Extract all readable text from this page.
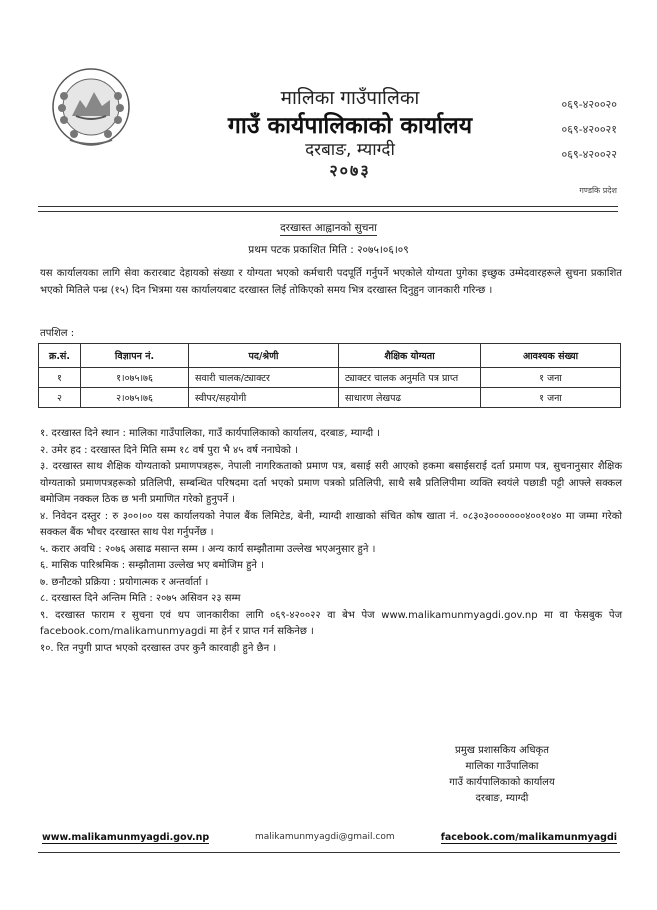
मालिका गाउँपालिका
गाउँ कार्यपालिकाको कार्यालय
दरबाङ, म्याग्दी
२०७३
०६९-४२००२०
०६९-४२००२१
०६९-४२००२२
गण्डकि प्रदेश
दरखास्त आह्वानको सुचना
प्रथम पटक प्रकाशित मिति : २०७५।०६।०९

यस कार्यालयका लागि सेवा करारबाट देहायको संख्या र योग्यता भएको कर्मचारी पदपूर्ति गर्नुपर्ने भएकोले योग्यता पुगेका इच्छुक उम्मेदवारहरूले सुचना प्रकाशित भएको मितिले पन्ध्र (१५) दिन भित्रमा यस कार्यालयबाट दरखास्त लिई तोकिएको समय भित्र दरखास्त दिनुहुन जानकारी गरिन्छ ।

तपशिल :
क्र.सं.	विज्ञापन नं.	पद/श्रेणी	शैक्षिक योग्यता	आवश्यक संख्या
१	१।०७५।७६	सवारी चालक/ट्याक्टर	ट्याक्टर चालक अनुमति पत्र प्राप्त	१ जना
२	२।०७५।७६	स्वीपर/सहयोगी	साधारण लेखपढ	१ जना
१. दरखास्त दिने स्थान : मालिका गाउँपालिका, गाउँ कार्यपालिकाको कार्यालय, दरबाङ, म्याग्दी ।
२. उमेर हद : दरखास्त दिने मिति सम्म १८ वर्ष पुरा भै ४५ वर्ष ननाघेको ।
३. दरखास्त साथ शैक्षिक योग्यताको प्रमाणपत्रहरू, नेपाली नागरिकताको प्रमाण पत्र, बसाई सरी आएको हकमा बसाईसराई दर्ता प्रमाण पत्र, सुचनानुसार शैक्षिक योग्यताको प्रमाणपत्रहरूको प्रतिलिपी, सम्बन्धित परिषदमा दर्ता भएको प्रमाण पत्रको प्रतिलिपी, साथै सबै प्रतिलिपीमा व्यक्ति स्वयंले पछाडी पट्टी आफ्ले सक्कल बमोजिम नक्कल ठिक छ भनी प्रमाणित गरेको हुनुपर्ने ।
४. निवेदन दस्तुर : रु ३००।०० यस कार्यालयको नेपाल बैंक लिमिटेड, बेनी, म्याग्दी शाखाको संचित कोष खाता नं. ०८३०३०००००००४००१०४० मा जम्मा गरेको सक्कल बैंक भौचर दरखास्त साथ पेश गर्नुपर्नेछ ।
५. करार अवधि : २०७६ असाढ मसान्त सम्म । अन्य कार्य सम्झौतामा उल्लेख भएअनुसार हुने ।
६. मासिक पारिश्रमिक : सम्झौतामा उल्लेख भए बमोजिम हुने ।
७. छनौटको प्रक्रिया : प्रयोगात्मक र अन्तर्वार्ता ।
८. दरखास्त दिने अन्तिम मिति : २०७५ असिवन २३ सम्म
९. दरखास्त फाराम र सुचना एवं थप जानकारीका लागि ०६९-४२००२२ वा बेभ पेज www.malikamunmyagdi.gov.np मा वा फेसबुक पेज facebook.com/malikamunmyagdi मा हेर्न र प्राप्त गर्न सकिनेछ ।
१०. रित नपुगी प्राप्त भएको दरखास्त उपर कुनै कारवाही हुने छैन ।
प्रमुख प्रशासकिय अधिकृत
मालिका गाउँपालिका
गाउँ कार्यपालिकाको कार्यालय
दरबाङ, म्याग्दी
www.malikamunmyagdi.gov.np	malikamunmyagdi@gmail.com	facebook.com/malikamunmyagdi
